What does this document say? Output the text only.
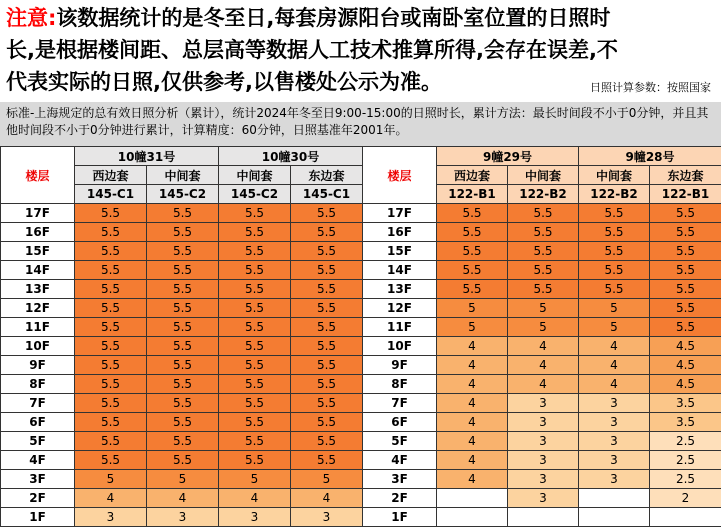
注意:该数据统计的是冬至日,每套房源阳台或南卧室位置的日照时
长,是根据楼间距、总层高等数据人工技术推算所得,会存在误差,不
代表实际的日照,仅供参考,以售楼处公示为准。	日照计算参数：按照国家
标准-上海规定的总有效日照分析（累计），统计2024年冬至日9:00-15:00的日照时长，累计方法：最长时间段不小于0分钟，并且其他时间段不小于0分钟进行累计，计算精度：60分钟，日照基准年2001年。
楼层	10幢31号		10幢30号		楼层	9幢29号		9幢28号	
	西边套	中间套	中间套	东边套		西边套	中间套	中间套	东边套
	145-C1	145-C2	145-C2	145-C1		122-B1	122-B2	122-B2	122-B1
17F	5.5	5.5	5.5	5.5	17F	5.5	5.5	5.5	5.5
16F	5.5	5.5	5.5	5.5	16F	5.5	5.5	5.5	5.5
15F	5.5	5.5	5.5	5.5	15F	5.5	5.5	5.5	5.5
14F	5.5	5.5	5.5	5.5	14F	5.5	5.5	5.5	5.5
13F	5.5	5.5	5.5	5.5	13F	5.5	5.5	5.5	5.5
12F	5.5	5.5	5.5	5.5	12F	5	5	5	5.5
11F	5.5	5.5	5.5	5.5	11F	5	5	5	5.5
10F	5.5	5.5	5.5	5.5	10F	4	4	4	4.5
9F	5.5	5.5	5.5	5.5	9F	4	4	4	4.5
8F	5.5	5.5	5.5	5.5	8F	4	4	4	4.5
7F	5.5	5.5	5.5	5.5	7F	4	3	3	3.5
6F	5.5	5.5	5.5	5.5	6F	4	3	3	3.5
5F	5.5	5.5	5.5	5.5	5F	4	3	3	2.5
4F	5.5	5.5	5.5	5.5	4F	4	3	3	2.5
3F	5	5	5	5	3F	4	3	3	2.5
2F	4	4	4	4	2F		3		2
1F	3	3	3	3	1F				
